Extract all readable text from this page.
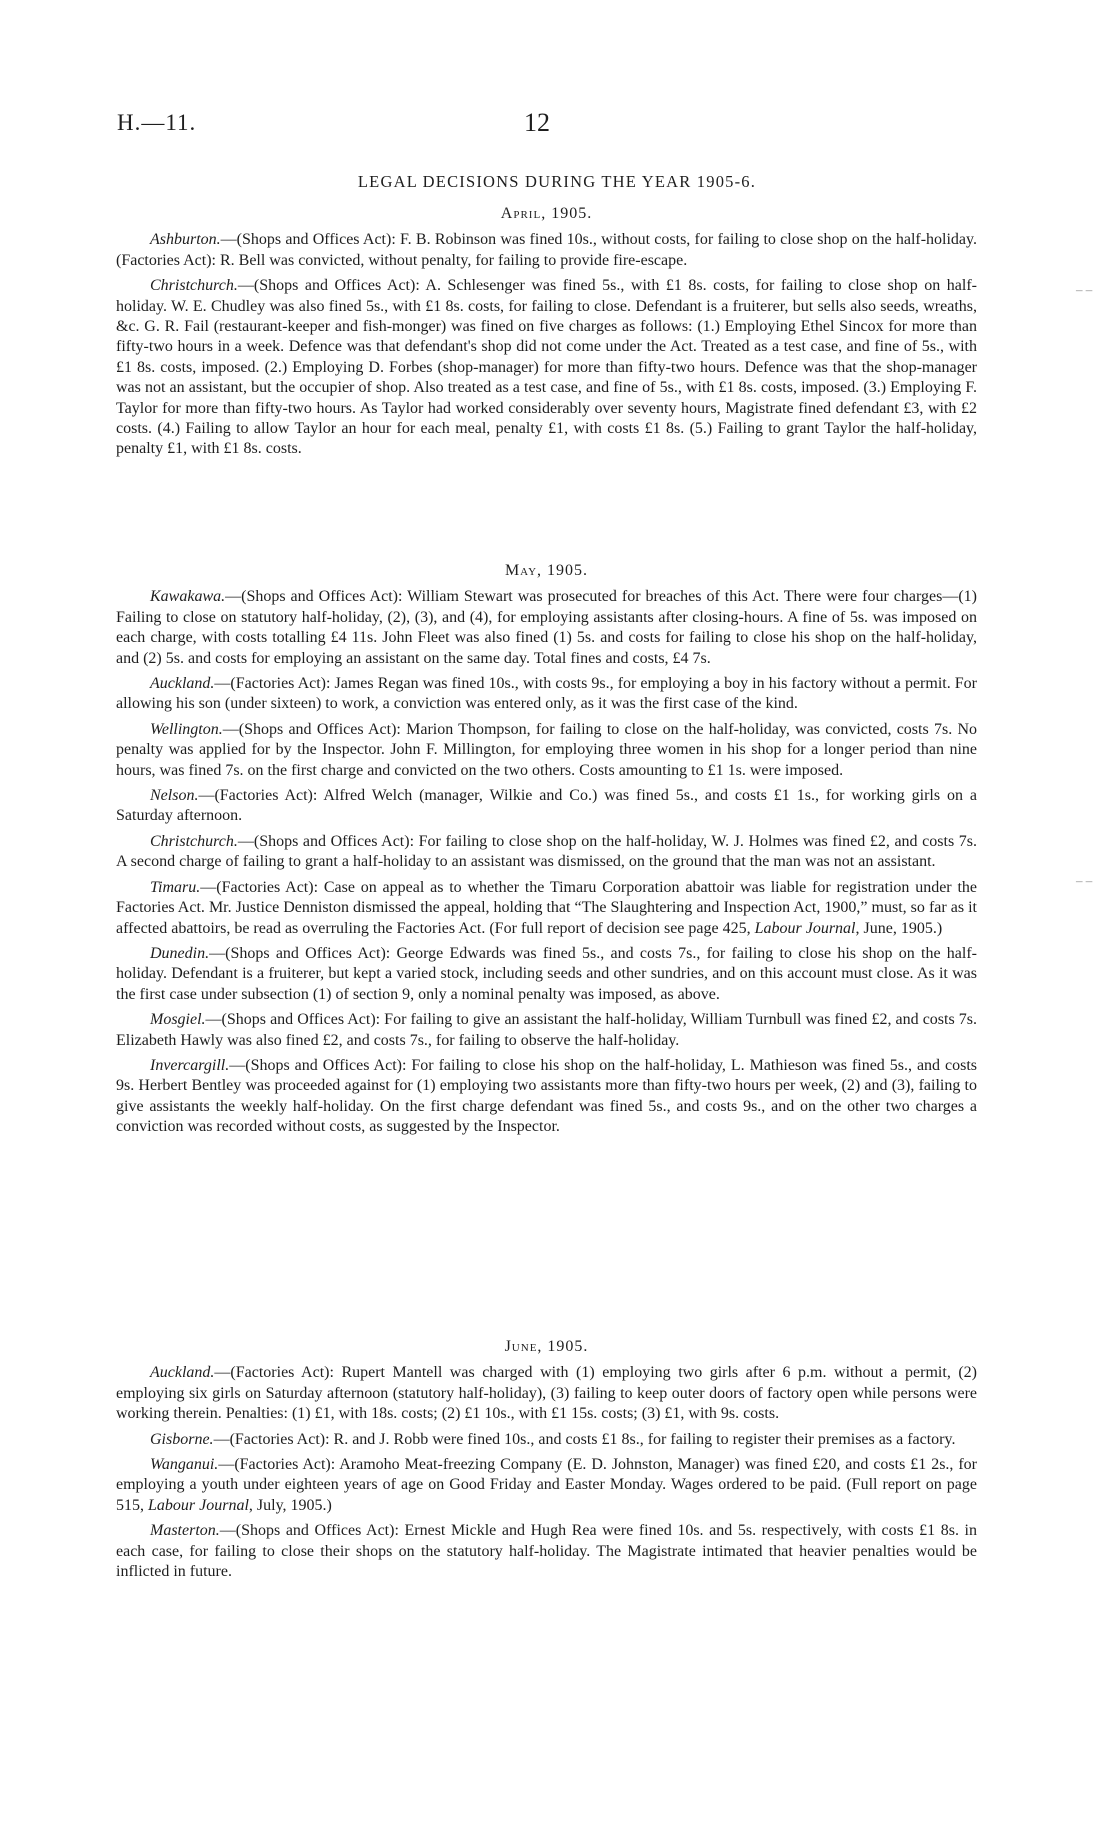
H.—11.	12
LEGAL DECISIONS DURING THE YEAR 1905-6.
April, 1905.

Ashburton.—(Shops and Offices Act): F. B. Robinson was fined 10s., without costs, for failing to close shop on the half-holiday. (Factories Act): R. Bell was convicted, without penalty, for failing to provide fire-escape.

Christchurch.—(Shops and Offices Act): A. Schlesenger was fined 5s., with £1 8s. costs, for failing to close shop on half-holiday. W. E. Chudley was also fined 5s., with £1 8s. costs, for failing to close. Defendant is a fruiterer, but sells also seeds, wreaths, &c. G. R. Fail (restaurant-keeper and fish-monger) was fined on five charges as follows: (1.) Employing Ethel Sincox for more than fifty-two hours in a week. Defence was that defendant's shop did not come under the Act. Treated as a test case, and fine of 5s., with £1 8s. costs, imposed. (2.) Employing D. Forbes (shop-manager) for more than fifty-two hours. Defence was that the shop-manager was not an assistant, but the occupier of shop. Also treated as a test case, and fine of 5s., with £1 8s. costs, imposed. (3.) Employing F. Taylor for more than fifty-two hours. As Taylor had worked considerably over seventy hours, Magistrate fined defendant £3, with £2 costs. (4.) Failing to allow Taylor an hour for each meal, penalty £1, with costs £1 8s. (5.) Failing to grant Taylor the half-holiday, penalty £1, with £1 8s. costs.

May, 1905.

Kawakawa.—(Shops and Offices Act): William Stewart was prosecuted for breaches of this Act. There were four charges—(1) Failing to close on statutory half-holiday, (2), (3), and (4), for employing assistants after closing-hours. A fine of 5s. was imposed on each charge, with costs totalling £4 11s. John Fleet was also fined (1) 5s. and costs for failing to close his shop on the half-holiday, and (2) 5s. and costs for employing an assistant on the same day. Total fines and costs, £4 7s.

Auckland.—(Factories Act): James Regan was fined 10s., with costs 9s., for employing a boy in his factory without a permit. For allowing his son (under sixteen) to work, a conviction was entered only, as it was the first case of the kind.

Wellington.—(Shops and Offices Act): Marion Thompson, for failing to close on the half-holiday, was convicted, costs 7s. No penalty was applied for by the Inspector. John F. Millington, for employing three women in his shop for a longer period than nine hours, was fined 7s. on the first charge and convicted on the two others. Costs amounting to £1 1s. were imposed.

Nelson.—(Factories Act): Alfred Welch (manager, Wilkie and Co.) was fined 5s., and costs £1 1s., for working girls on a Saturday afternoon.

Christchurch.—(Shops and Offices Act): For failing to close shop on the half-holiday, W. J. Holmes was fined £2, and costs 7s. A second charge of failing to grant a half-holiday to an assistant was dismissed, on the ground that the man was not an assistant.

Timaru.—(Factories Act): Case on appeal as to whether the Timaru Corporation abattoir was liable for registration under the Factories Act. Mr. Justice Denniston dismissed the appeal, holding that “The Slaughtering and Inspection Act, 1900,” must, so far as it affected abattoirs, be read as overruling the Factories Act. (For full report of decision see page 425, Labour Journal, June, 1905.)

Dunedin.—(Shops and Offices Act): George Edwards was fined 5s., and costs 7s., for failing to close his shop on the half-holiday. Defendant is a fruiterer, but kept a varied stock, including seeds and other sundries, and on this account must close. As it was the first case under subsection (1) of section 9, only a nominal penalty was imposed, as above.

Mosgiel.—(Shops and Offices Act): For failing to give an assistant the half-holiday, William Turnbull was fined £2, and costs 7s. Elizabeth Hawly was also fined £2, and costs 7s., for failing to observe the half-holiday.

Invercargill.—(Shops and Offices Act): For failing to close his shop on the half-holiday, L. Mathieson was fined 5s., and costs 9s. Herbert Bentley was proceeded against for (1) employing two assistants more than fifty-two hours per week, (2) and (3), failing to give assistants the weekly half-holiday. On the first charge defendant was fined 5s., and costs 9s., and on the other two charges a conviction was recorded without costs, as suggested by the Inspector.

June, 1905.

Auckland.—(Factories Act): Rupert Mantell was charged with (1) employing two girls after 6 p.m. without a permit, (2) employing six girls on Saturday afternoon (statutory half-holiday), (3) failing to keep outer doors of factory open while persons were working therein. Penalties: (1) £1, with 18s. costs; (2) £1 10s., with £1 15s. costs; (3) £1, with 9s. costs.

Gisborne.—(Factories Act): R. and J. Robb were fined 10s., and costs £1 8s., for failing to register their premises as a factory.

Wanganui.—(Factories Act): Aramoho Meat-freezing Company (E. D. Johnston, Manager) was fined £20, and costs £1 2s., for employing a youth under eighteen years of age on Good Friday and Easter Monday. Wages ordered to be paid. (Full report on page 515, Labour Journal, July, 1905.)

Masterton.—(Shops and Offices Act): Ernest Mickle and Hugh Rea were fined 10s. and 5s. respectively, with costs £1 8s. in each case, for failing to close their shops on the statutory half-holiday. The Magistrate intimated that heavier penalties would be inflicted in future.

– –
– –
